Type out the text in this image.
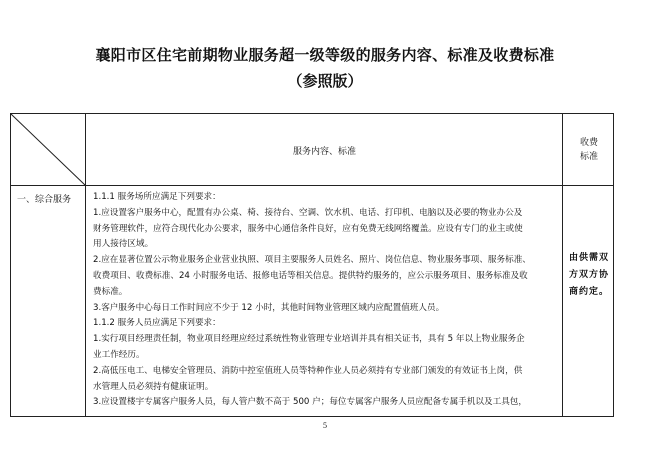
襄阳市区住宅前期物业服务超一级等级的服务内容、标准及收费标准
（参照版）
服务内容、标准
收费
标准
一、综合服务	1.1.1 服务场所应满足下列要求：

1.应设置客户服务中心，配置有办公桌、椅、接待台、空调、饮水机、电话、打印机、电脑以及必要的物业办公及

财务管理软件，应符合现代化办公要求，服务中心通信条件良好，应有免费无线网络覆盖。应设有专门的业主或使

用人接待区域。

2.应在显著位置公示物业服务企业营业执照、项目主要服务人员姓名、照片、岗位信息、物业服务事项、服务标准、

收费项目、收费标准、24 小时服务电话、报修电话等相关信息。提供特约服务的，应公示服务项目、服务标准及收

费标准。

3.客户服务中心每日工作时间应不少于 12 小时，其他时间物业管理区域内应配置值班人员。

1.1.2 服务人员应满足下列要求：

1.实行项目经理责任制，物业项目经理应经过系统性物业管理专业培训并具有相关证书，具有 5 年以上物业服务企

业工作经历。

2.高低压电工、电梯安全管理员、消防中控室值班人员等特种作业人员必须持有专业部门颁发的有效证书上岗，供

水管理人员必须持有健康证明。

3.应设置楼宇专属客户服务人员，每人管户数不高于 500 户；每位专属客户服务人员应配备专属手机以及工具包，

由供需双方双方协商约定。
5
